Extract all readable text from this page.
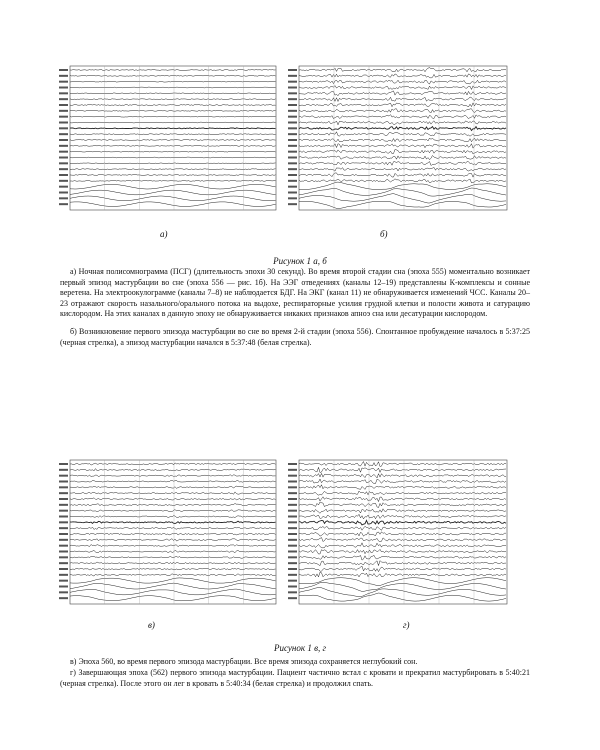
а)	б)
Рисунок 1 а, б
а) Ночная полисомнограмма (ПСГ) (длительность эпохи 30 секунд). Во время второй стадии сна (эпоха 555) моментально возникает первый эпизод мастурбации во сне (эпоха 556 — рис. 1б). На ЭЭГ отведениях (каналы 12–19) представлены К-комплексы и сонные веретена. На электроокулограмме (каналы 7–8) не наблюдается БДГ. На ЭКГ (канал 11) не обнаруживается изменений ЧСС. Каналы 20–23 отражают скорость назального/орального потока на выдохе, респираторные усилия грудной клетки и полости живота и сатурацию кислородом. На этих каналах в данную эпоху не обнаруживается никаких признаков апноэ сна или десатурации кислородом.
б) Возникновение первого эпизода мастурбации во сне во время 2-й стадии (эпоха 556). Спонтанное пробуждение началось в 5:37:25 (черная стрелка), а эпизод мастурбации начался в 5:37:48 (белая стрелка).
в)	г)
Рисунок 1 в, г
в) Эпоха 560, во время первого эпизода мастурбации. Все время эпизода сохраняется неглубокий сон.
г) Завершающая эпоха (562) первого эпизода мастурбации. Пациент частично встал с кровати и прекратил мастурбировать в 5:40:21 (черная стрелка). После этого он лег в кровать в 5:40:34 (белая стрелка) и продолжил спать.
